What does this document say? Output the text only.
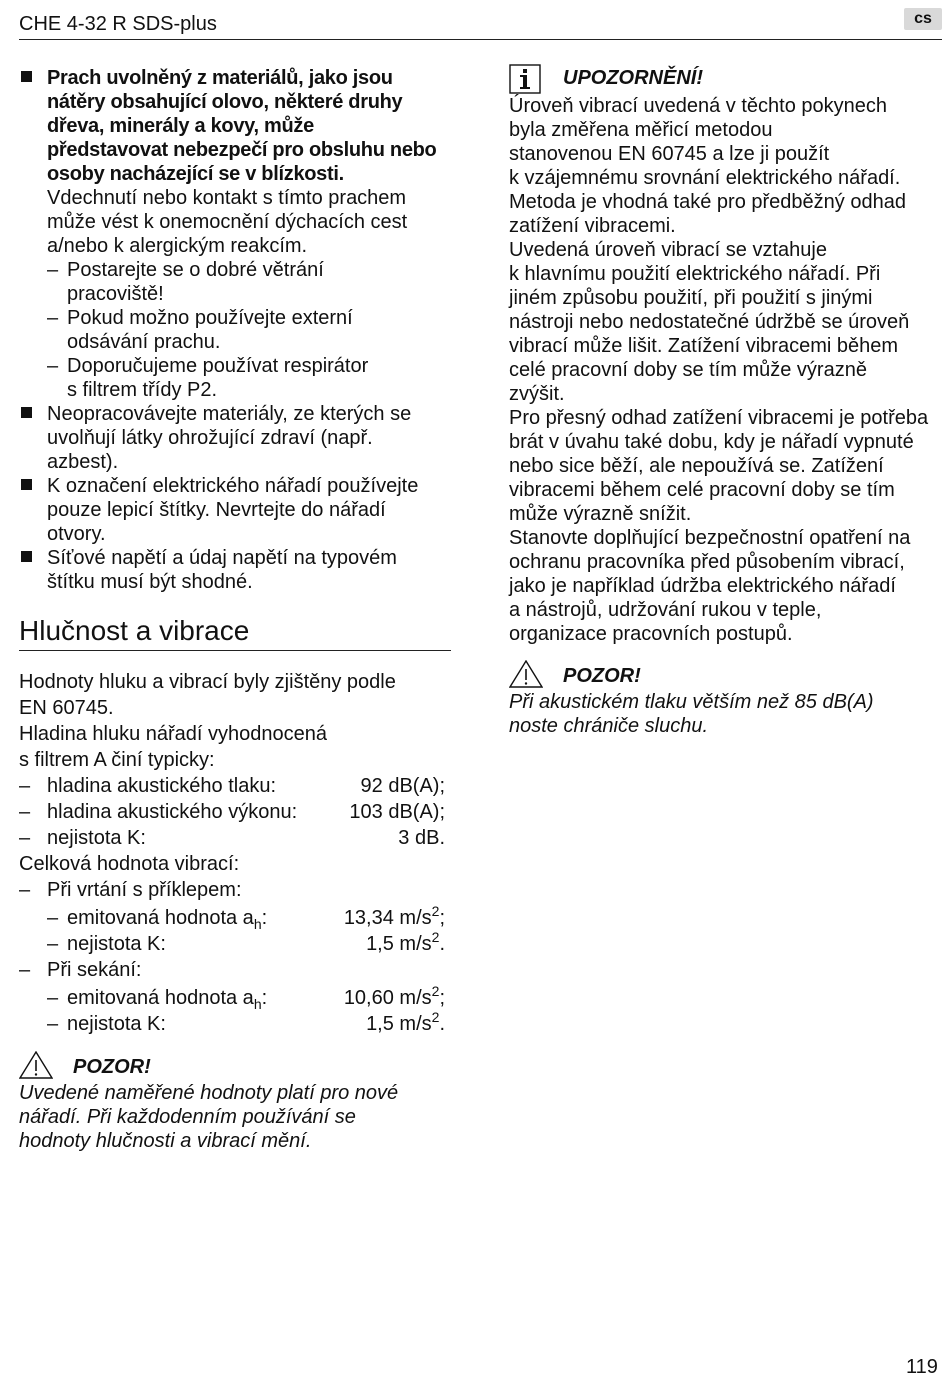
CHE 4-32 R SDS-plus	cs
Prach uvolněný z materiálů, jako jsou
nátěry obsahující olovo, některé druhy
dřeva, minerály a kovy, může
představovat nebezpečí pro obsluhu nebo
osoby nacházející se v blízkosti.
Vdechnutí nebo kontakt s tímto prachem
může vést k onemocnění dýchacích cest
a/nebo k alergickým reakcím.
– Postarejte se o dobré větrání
pracoviště!
– Pokud možno používejte externí
odsávání prachu.
– Doporučujeme používat respirátor
s filtrem třídy P2.
Neopracovávejte materiály, ze kterých se
uvolňují látky ohrožující zdraví (např.
azbest).
K označení elektrického nářadí používejte
pouze lepicí štítky. Nevrtejte do nářadí
otvory.
Síťové napětí a údaj napětí na typovém
štítku musí být shodné.
Hlučnost a vibrace
Hodnoty hluku a vibrací byly zjištěny podle
EN 60745.
Hladina hluku nářadí vyhodnocená
s filtrem A činí typicky:
– hladina akustického tlaku:	92 dB(A);
– hladina akustického výkonu:	103 dB(A);
– nejistota K:	3 dB.
Celková hodnota vibrací:
– Při vrtání s příklepem:
– emitovaná hodnota $a_h$:	13,34 $m/s^2$;
– nejistota K:	1,5 $m/s^2$.
– Při sekání:
– emitovaná hodnota $a_h$:	10,60 $m/s^2$;
– nejistota K:	1,5 $m/s^2$.
POZOR!
Uvedené naměřené hodnoty platí pro nové
nářadí. Při každodenním používání se
hodnoty hlučnosti a vibrací mění.
UPOZORNĚNÍ!
Úroveň vibrací uvedená v těchto pokynech
byla změřena měřicí metodou
stanovenou EN 60745 a lze ji použít
k vzájemnému srovnání elektrického nářadí.
Metoda je vhodná také pro předběžný odhad
zatížení vibracemi.
Uvedená úroveň vibrací se vztahuje
k hlavnímu použití elektrického nářadí. Při
jiném způsobu použití, při použití s jinými
nástroji nebo nedostatečné údržbě se úroveň
vibrací může lišit. Zatížení vibracemi během
celé pracovní doby se tím může výrazně
zvýšit.
Pro přesný odhad zatížení vibracemi je potřeba
brát v úvahu také dobu, kdy je nářadí vypnuté
nebo sice běží, ale nepoužívá se. Zatížení
vibracemi během celé pracovní doby se tím
může výrazně snížit.
Stanovte doplňující bezpečnostní opatření na
ochranu pracovníka před působením vibrací,
jako je například údržba elektrického nářadí
a nástrojů, udržování rukou v teple,
organizace pracovních postupů.
POZOR!
Při akustickém tlaku větším než 85 dB(A)
noste chrániče sluchu.
119
